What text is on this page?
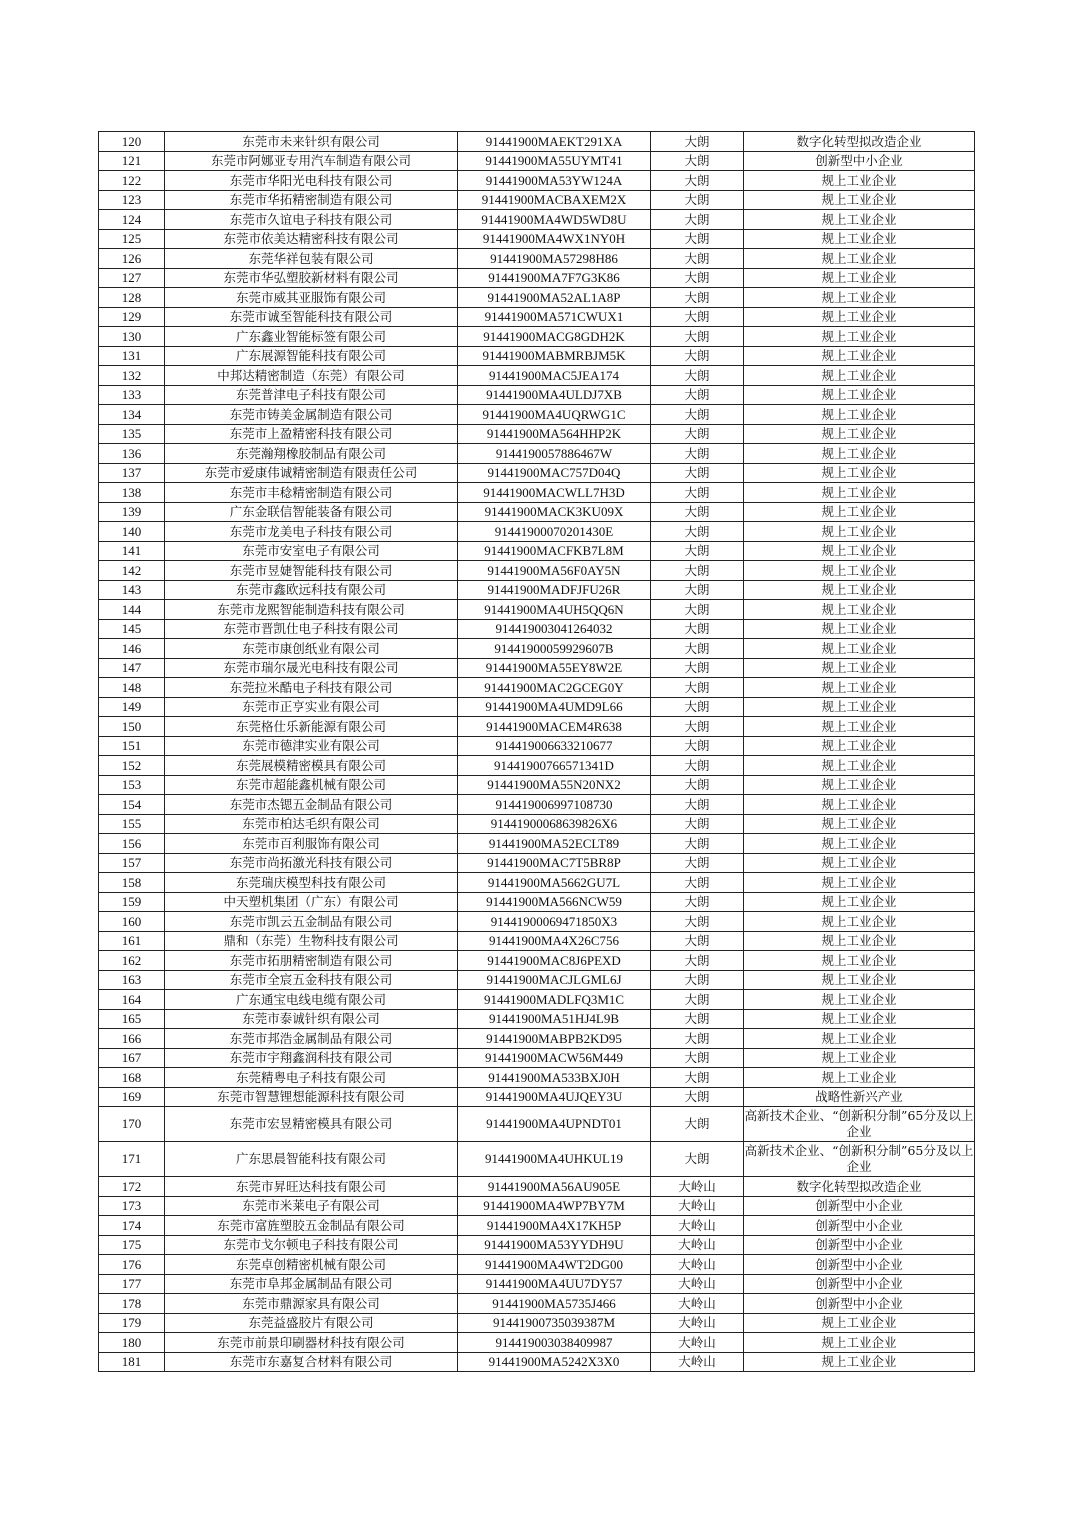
120	东莞市未来针织有限公司	91441900MAEKT291XA	大朗	数字化转型拟改造企业
121	东莞市阿娜亚专用汽车制造有限公司	91441900MA55UYMT41	大朗	创新型中小企业
122	东莞市华阳光电科技有限公司	91441900MA53YW124A	大朗	规上工业企业
123	东莞市华拓精密制造有限公司	91441900MACBAXEM2X	大朗	规上工业企业
124	东莞市久谊电子科技有限公司	91441900MA4WD5WD8U	大朗	规上工业企业
125	东莞市依美达精密科技有限公司	91441900MA4WX1NY0H	大朗	规上工业企业
126	东莞华祥包装有限公司	91441900MA57298H86	大朗	规上工业企业
127	东莞市华弘塑胶新材料有限公司	91441900MA7F7G3K86	大朗	规上工业企业
128	东莞市威其亚服饰有限公司	91441900MA52AL1A8P	大朗	规上工业企业
129	东莞市诚至智能科技有限公司	91441900MA571CWUX1	大朗	规上工业企业
130	广东鑫业智能标签有限公司	91441900MACG8GDH2K	大朗	规上工业企业
131	广东展源智能科技有限公司	91441900MABMRBJM5K	大朗	规上工业企业
132	中邦达精密制造（东莞）有限公司	91441900MAC5JEA174	大朗	规上工业企业
133	东莞普津电子科技有限公司	91441900MA4ULDJ7XB	大朗	规上工业企业
134	东莞市铸美金属制造有限公司	91441900MA4UQRWG1C	大朗	规上工业企业
135	东莞市上盈精密科技有限公司	91441900MA564HHP2K	大朗	规上工业企业
136	东莞瀚翔橡胶制品有限公司	9144190057886467W	大朗	规上工业企业
137	东莞市爱康伟诚精密制造有限责任公司	91441900MAC757D04Q	大朗	规上工业企业
138	东莞市丰稔精密制造有限公司	91441900MACWLL7H3D	大朗	规上工业企业
139	广东金联信智能装备有限公司	91441900MACK3KU09X	大朗	规上工业企业
140	东莞市龙美电子科技有限公司	91441900070201430E	大朗	规上工业企业
141	东莞市安室电子有限公司	91441900MACFKB7L8M	大朗	规上工业企业
142	东莞市昱婕智能科技有限公司	91441900MA56F0AY5N	大朗	规上工业企业
143	东莞市鑫欧远科技有限公司	91441900MADFJFU26R	大朗	规上工业企业
144	东莞市龙熙智能制造科技有限公司	91441900MA4UH5QQ6N	大朗	规上工业企业
145	东莞市晋凯仕电子科技有限公司	914419003041264032	大朗	规上工业企业
146	东莞市康创纸业有限公司	91441900059929607B	大朗	规上工业企业
147	东莞市瑞尔晟光电科技有限公司	91441900MA55EY8W2E	大朗	规上工业企业
148	东莞拉米酷电子科技有限公司	91441900MAC2GCEG0Y	大朗	规上工业企业
149	东莞市正亨实业有限公司	91441900MA4UMD9L66	大朗	规上工业企业
150	东莞格仕乐新能源有限公司	91441900MACEM4R638	大朗	规上工业企业
151	东莞市德津实业有限公司	914419006633210677	大朗	规上工业企业
152	东莞展模精密模具有限公司	91441900766571341D	大朗	规上工业企业
153	东莞市超能鑫机械有限公司	91441900MA55N20NX2	大朗	规上工业企业
154	东莞市杰锶五金制品有限公司	914419006997108730	大朗	规上工业企业
155	东莞市柏达毛织有限公司	91441900068639826X6	大朗	规上工业企业
156	东莞市百利服饰有限公司	91441900MA52ECLT89	大朗	规上工业企业
157	东莞市尚拓激光科技有限公司	91441900MAC7T5BR8P	大朗	规上工业企业
158	东莞瑞庆模型科技有限公司	91441900MA5662GU7L	大朗	规上工业企业
159	中天塑机集团（广东）有限公司	91441900MA566NCW59	大朗	规上工业企业
160	东莞市凯云五金制品有限公司	91441900069471850X3	大朗	规上工业企业
161	鼎和（东莞）生物科技有限公司	91441900MA4X26C756	大朗	规上工业企业
162	东莞市拓朋精密制造有限公司	91441900MAC8J6PEXD	大朗	规上工业企业
163	东莞市全宸五金科技有限公司	91441900MACJLGML6J	大朗	规上工业企业
164	广东通宝电线电缆有限公司	91441900MADLFQ3M1C	大朗	规上工业企业
165	东莞市泰诚针织有限公司	91441900MA51HJ4L9B	大朗	规上工业企业
166	东莞市邦浩金属制品有限公司	91441900MABPB2KD95	大朗	规上工业企业
167	东莞市宇翔鑫润科技有限公司	91441900MACW56M449	大朗	规上工业企业
168	东莞精粤电子科技有限公司	91441900MA533BXJ0H	大朗	规上工业企业
169	东莞市智慧锂想能源科技有限公司	91441900MA4UJQEY3U	大朗	战略性新兴产业
170	东莞市宏昱精密模具有限公司	91441900MA4UPNDT01	大朗	高新技术企业、“创新积分制”65分及以上企业
171	广东思晨智能科技有限公司	91441900MA4UHKUL19	大朗	高新技术企业、“创新积分制”65分及以上企业
172	东莞市昇旺达科技有限公司	91441900MA56AU905E	大岭山	数字化转型拟改造企业
173	东莞市米莱电子有限公司	91441900MA4WP7BY7M	大岭山	创新型中小企业
174	东莞市富旌塑胶五金制品有限公司	91441900MA4X17KH5P	大岭山	创新型中小企业
175	东莞市戈尔顿电子科技有限公司	91441900MA53YYDH9U	大岭山	创新型中小企业
176	东莞卓创精密机械有限公司	91441900MA4WT2DG00	大岭山	创新型中小企业
177	东莞市阜邦金属制品有限公司	91441900MA4UU7DY57	大岭山	创新型中小企业
178	东莞市鼎源家具有限公司	91441900MA5735J466	大岭山	创新型中小企业
179	东莞益盛胶片有限公司	91441900735039387M	大岭山	规上工业企业
180	东莞市前景印刷器材科技有限公司	914419003038409987	大岭山	规上工业企业
181	东莞市东嘉复合材料有限公司	91441900MA5242X3X0	大岭山	规上工业企业
